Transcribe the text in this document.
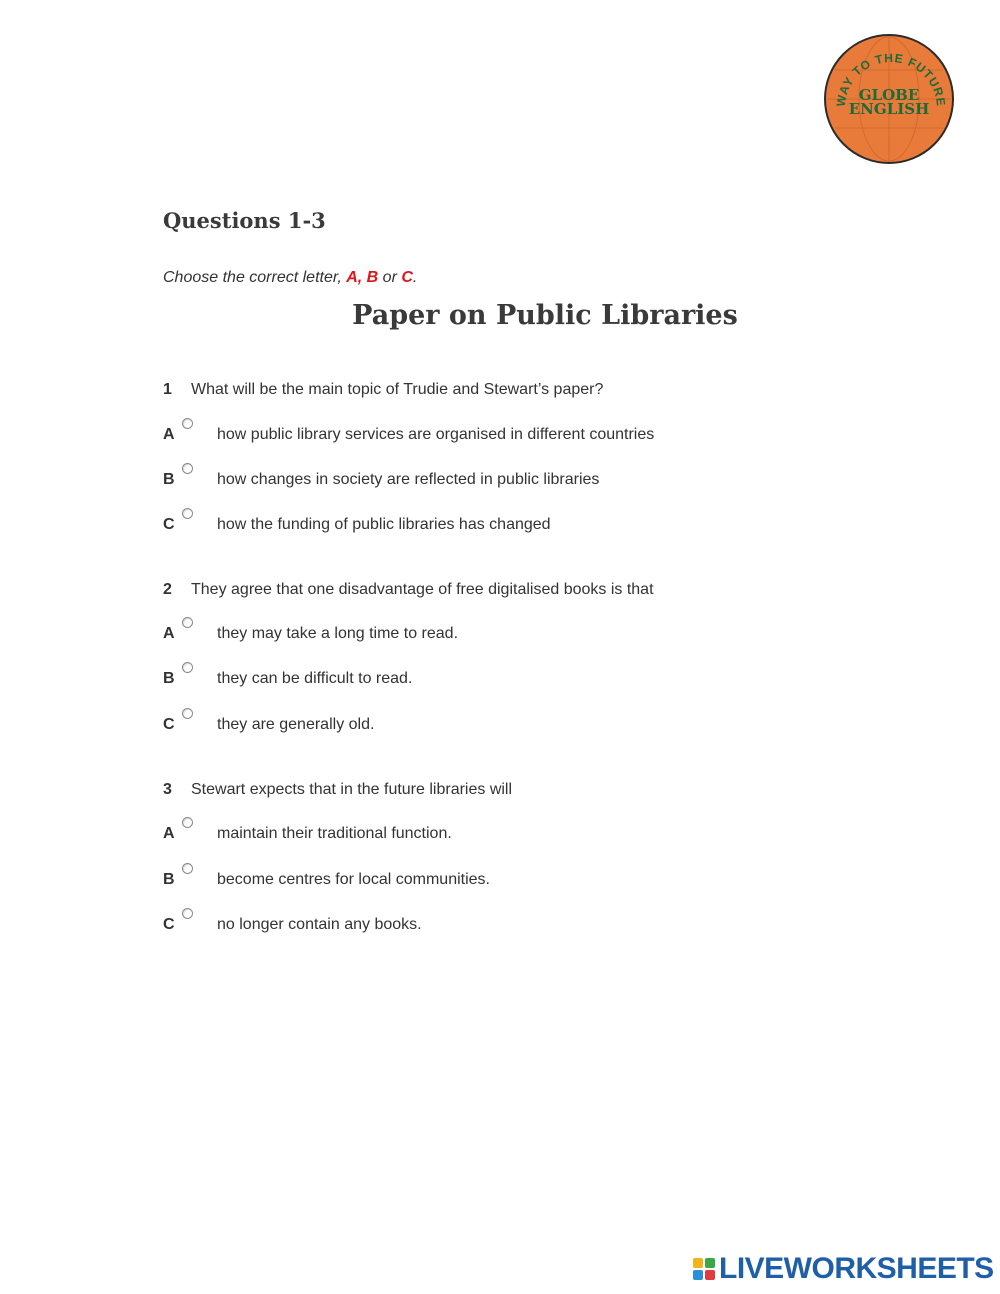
WAY TO THE FUTURE
GLOBE
ENGLISH
Questions 1-3

Choose the correct letter, A, B or C.

Paper on Public Libraries

1 What will be the main topic of Trudie and Stewart’s paper?

A	how public library services are organised in different countries
B	how changes in society are reflected in public libraries
C	how the funding of public libraries has changed

2 They agree that one disadvantage of free digitalised books is that

A	they may take a long time to read.
B	they can be difficult to read.
C	they are generally old.

3 Stewart expects that in the future libraries will

A	maintain their traditional function.
B	become centres for local communities.
C	no longer contain any books.
LIVEWORKSHEETS
